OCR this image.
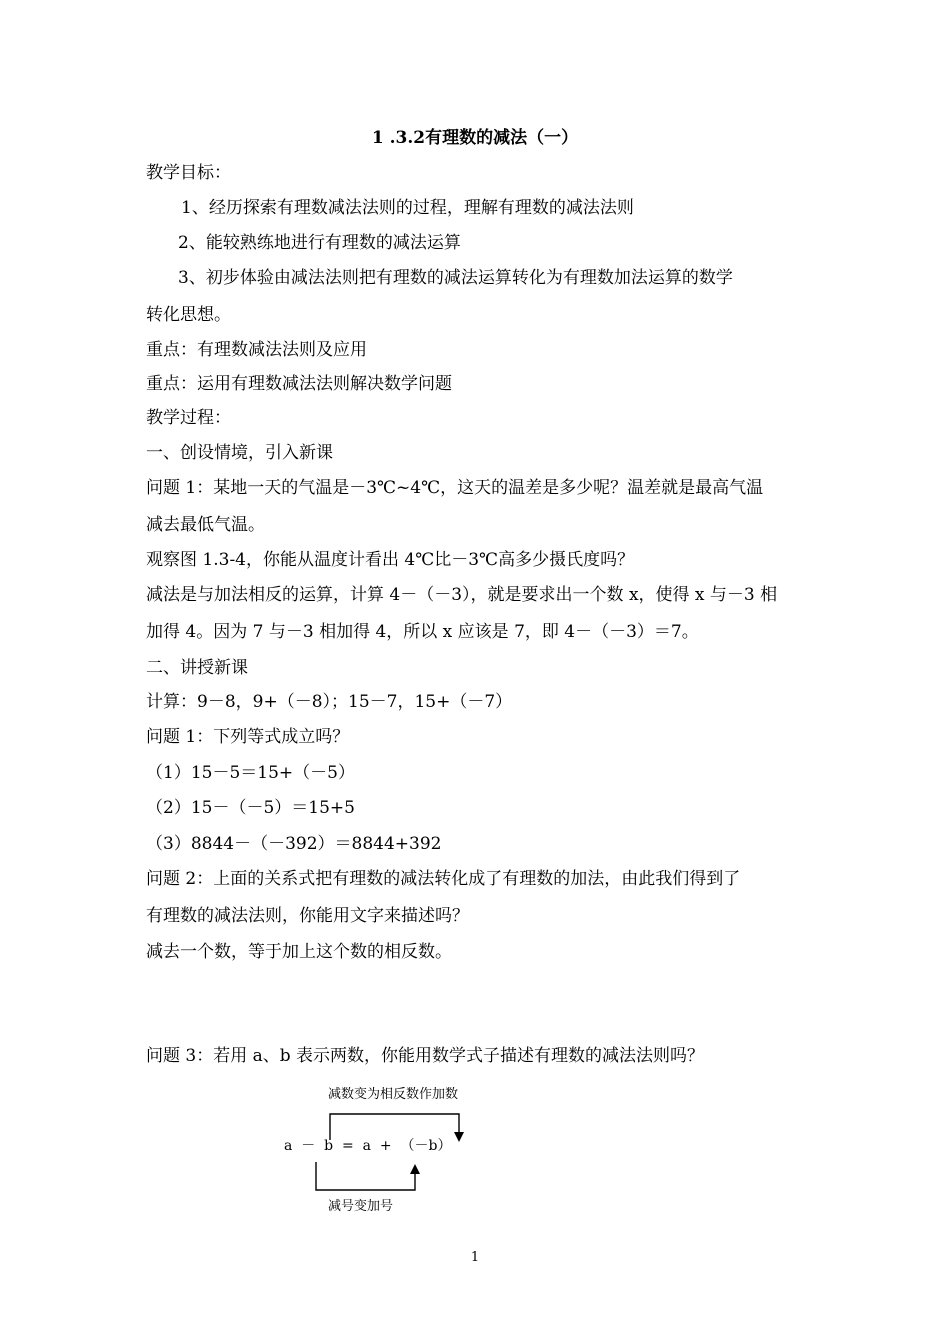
1 .3.2有理数的减法（一）
教学目标：
1、经历探索有理数减法法则的过程，理解有理数的减法法则
2、能较熟练地进行有理数的减法运算
3、初步体验由减法法则把有理数的减法运算转化为有理数加法运算的数学
转化思想。
重点：有理数减法法则及应用
重点：运用有理数减法法则解决数学问题
教学过程：
一、创设情境，引入新课
问题 1：某地一天的气温是－3℃~4℃，这天的温差是多少呢？温差就是最高气温
减去最低气温。
观察图 1.3-4，你能从温度计看出 4℃比－3℃高多少摄氏度吗？
减法是与加法相反的运算，计算 4－（－3），就是要求出一个数 x，使得 x 与－3 相
加得 4。因为 7 与－3 相加得 4，所以 x 应该是 7，即 4－（－3）＝7。
二、讲授新课
计算：9－8，9+（－8）；15－7，15+（－7）
问题 1：下列等式成立吗？
（1）15－5＝15+（－5）
（2）15－（－5）＝15+5
（3）8844－（－392）＝8844+392
问题 2：上面的关系式把有理数的减法转化成了有理数的加法，由此我们得到了
有理数的减法法则，你能用文字来描述吗？
减去一个数，等于加上这个数的相反数。
问题 3：若用 a、b 表示两数，你能用数学式子描述有理数的减法法则吗？
减数变为相反数作加数
a  －  b  =  a  +  （－b）
减号变加号
1
